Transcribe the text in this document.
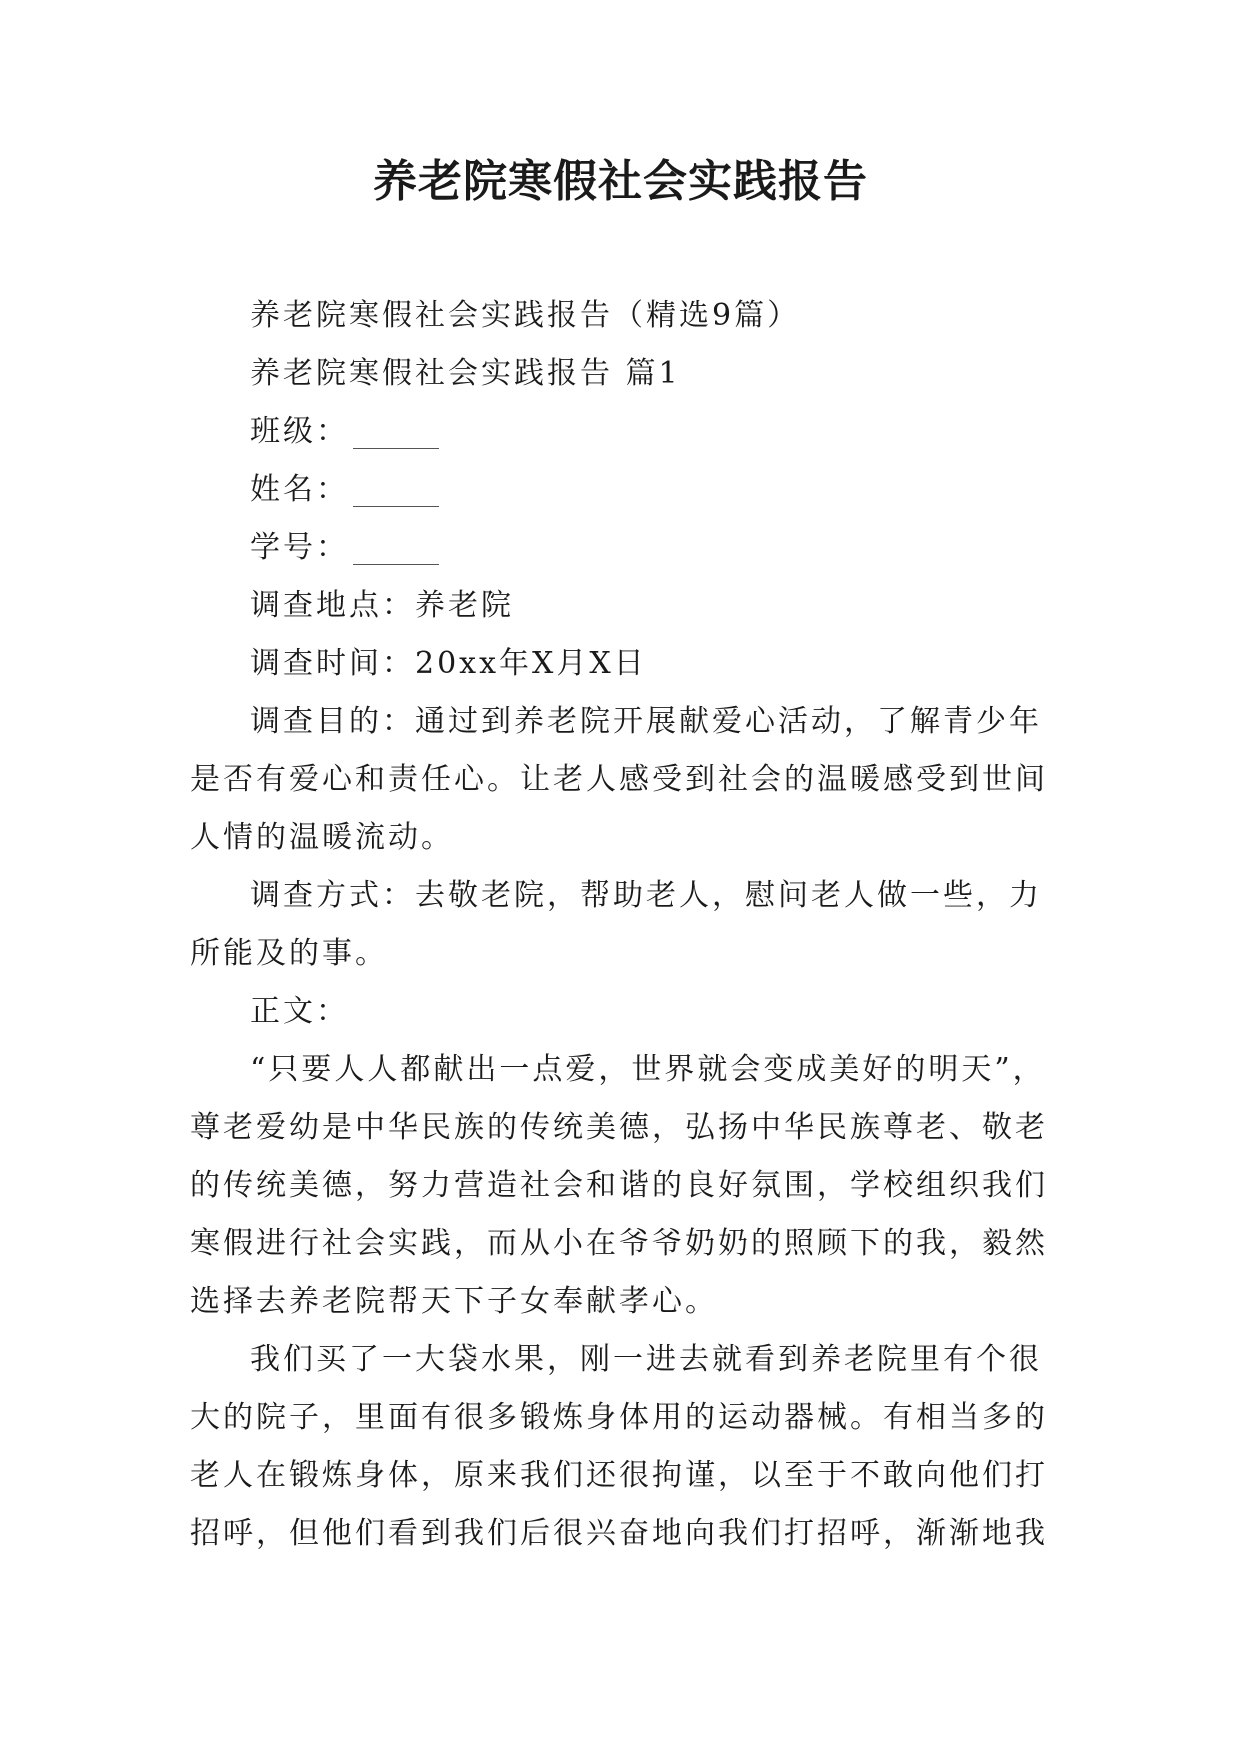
养老院寒假社会实践报告

养老院寒假社会实践报告（精选9篇）

养老院寒假社会实践报告 篇1

班级：

姓名：

学号：

调查地点：养老院

调查时间：20xx年X月X日

调查目的：通过到养老院开展献爱心活动，了解青少年是否有爱心和责任心。让老人感受到社会的温暖感受到世间人情的温暖流动。

调查方式：去敬老院，帮助老人，慰问老人做一些，力所能及的事。

正文：

“只要人人都献出一点爱，世界就会变成美好的明天”，尊老爱幼是中华民族的传统美德，弘扬中华民族尊老、敬老的传统美德，努力营造社会和谐的良好氛围，学校组织我们寒假进行社会实践，而从小在爷爷奶奶的照顾下的我，毅然选择去养老院帮天下子女奉献孝心。

我们买了一大袋水果，刚一进去就看到养老院里有个很大的院子，里面有很多锻炼身体用的运动器械。有相当多的老人在锻炼身体，原来我们还很拘谨，以至于不敢向他们打招呼，但他们看到我们后很兴奋地向我们打招呼，渐渐地我
